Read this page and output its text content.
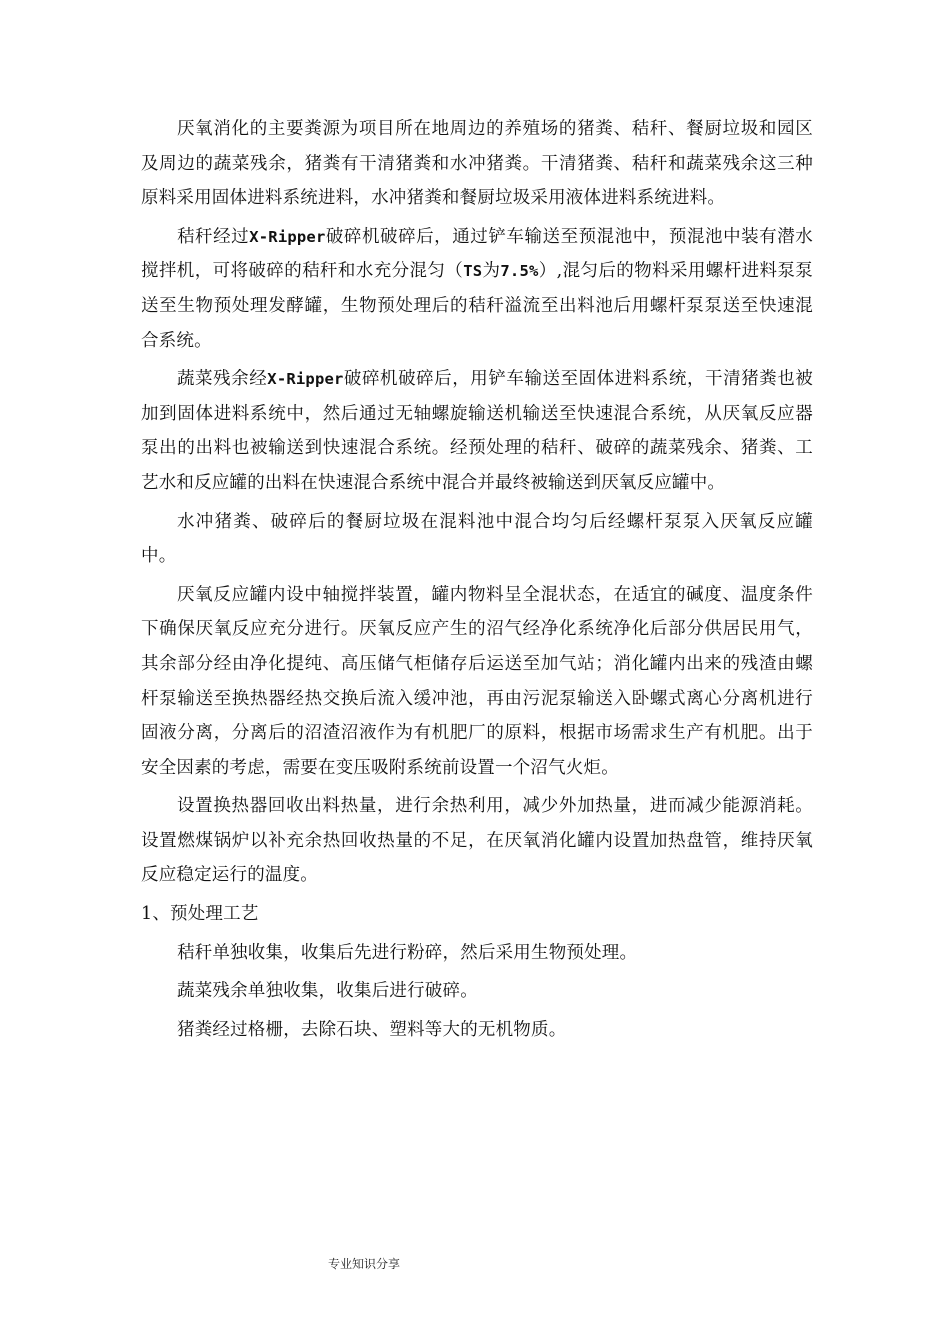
厌氧消化的主要粪源为项目所在地周边的养殖场的猪粪、秸秆、餐厨垃圾和园区及周边的蔬菜残余，猪粪有干清猪粪和水冲猪粪。干清猪粪、秸秆和蔬菜残余这三种原料采用固体进料系统进料，水冲猪粪和餐厨垃圾采用液体进料系统进料。

秸秆经过X-Ripper破碎机破碎后，通过铲车输送至预混池中，预混池中装有潜水搅拌机，可将破碎的秸秆和水充分混匀（TS为7.5%）,混匀后的物料采用螺杆进料泵泵送至生物预处理发酵罐，生物预处理后的秸秆溢流至出料池后用螺杆泵泵送至快速混合系统。

蔬菜残余经X-Ripper破碎机破碎后，用铲车输送至固体进料系统，干清猪粪也被加到固体进料系统中，然后通过无轴螺旋输送机输送至快速混合系统，从厌氧反应器泵出的出料也被输送到快速混合系统。经预处理的秸秆、破碎的蔬菜残余、猪粪、工艺水和反应罐的出料在快速混合系统中混合并最终被输送到厌氧反应罐中。

水冲猪粪、破碎后的餐厨垃圾在混料池中混合均匀后经螺杆泵泵入厌氧反应罐中。

厌氧反应罐内设中轴搅拌装置，罐内物料呈全混状态，在适宜的碱度、温度条件下确保厌氧反应充分进行。厌氧反应产生的沼气经净化系统净化后部分供居民用气，其余部分经由净化提纯、高压储气柜储存后运送至加气站；消化罐内出来的残渣由螺杆泵输送至换热器经热交换后流入缓冲池，再由污泥泵输送入卧螺式离心分离机进行固液分离，分离后的沼渣沼液作为有机肥厂的原料，根据市场需求生产有机肥。出于安全因素的考虑，需要在变压吸附系统前设置一个沼气火炬。

设置换热器回收出料热量，进行余热利用，减少外加热量，进而减少能源消耗。设置燃煤锅炉以补充余热回收热量的不足，在厌氧消化罐内设置加热盘管，维持厌氧反应稳定运行的温度。

1、预处理工艺

秸秆单独收集，收集后先进行粉碎，然后采用生物预处理。

蔬菜残余单独收集，收集后进行破碎。

猪粪经过格栅，去除石块、塑料等大的无机物质。

专业知识分享
